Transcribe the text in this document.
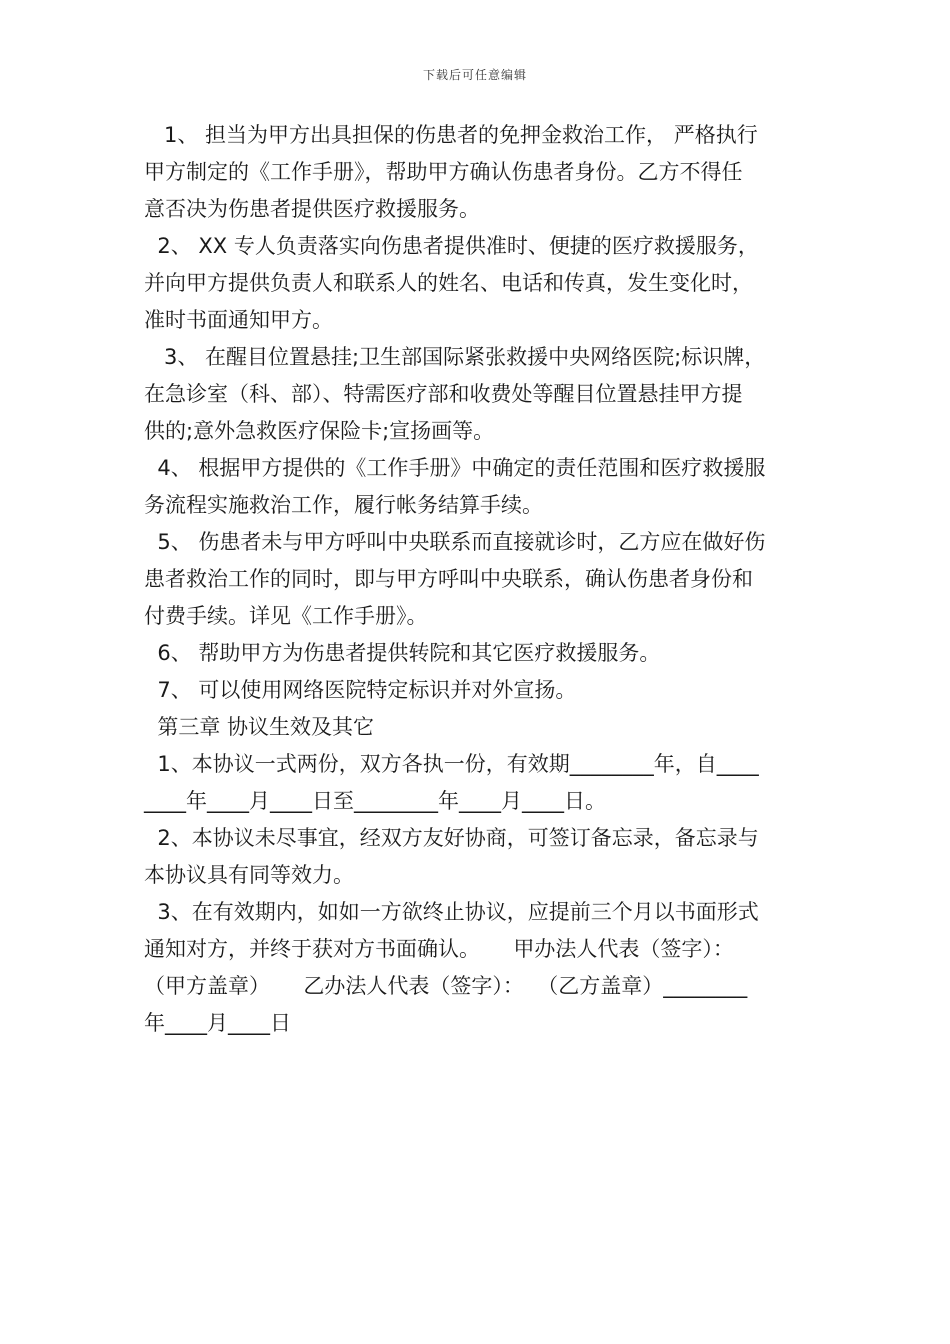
下载后可任意编辑
1、 担当为甲方出具担保的伤患者的免押金救治工作， 严格执行
甲方制定的《工作手册》，帮助甲方确认伤患者身份。乙方不得任
意否决为伤患者提供医疗救援服务。
2、 XX 专人负责落实向伤患者提供准时、便捷的医疗救援服务，
并向甲方提供负责人和联系人的姓名、电话和传真，发生变化时，
准时书面通知甲方。
3、 在醒目位置悬挂;卫生部国际紧张救援中央网络医院;标识牌，
在急诊室（科、部）、特需医疗部和收费处等醒目位置悬挂甲方提
供的;意外急救医疗保险卡;宣扬画等。
4、 根据甲方提供的《工作手册》中确定的责任范围和医疗救援服
务流程实施救治工作，履行帐务结算手续。
5、 伤患者未与甲方呼叫中央联系而直接就诊时，乙方应在做好伤
患者救治工作的同时，即与甲方呼叫中央联系，确认伤患者身份和
付费手续。详见《工作手册》。
6、 帮助甲方为伤患者提供转院和其它医疗救援服务。
7、 可以使用网络医院特定标识并对外宣扬。
第三章 协议生效及其它
1、本协议一式两份，双方各执一份，有效期________年，自____
____年____月____日至________年____月____日。
2、本协议未尽事宜，经双方友好协商，可签订备忘录，备忘录与
本协议具有同等效力。
3、在有效期内，如如一方欲终止协议，应提前三个月以书面形式
通知对方，并终于获对方书面确认。     甲办法人代表（签字）：
（甲方盖章）     乙办法人代表（签字）：  （乙方盖章）________
年____月____日
